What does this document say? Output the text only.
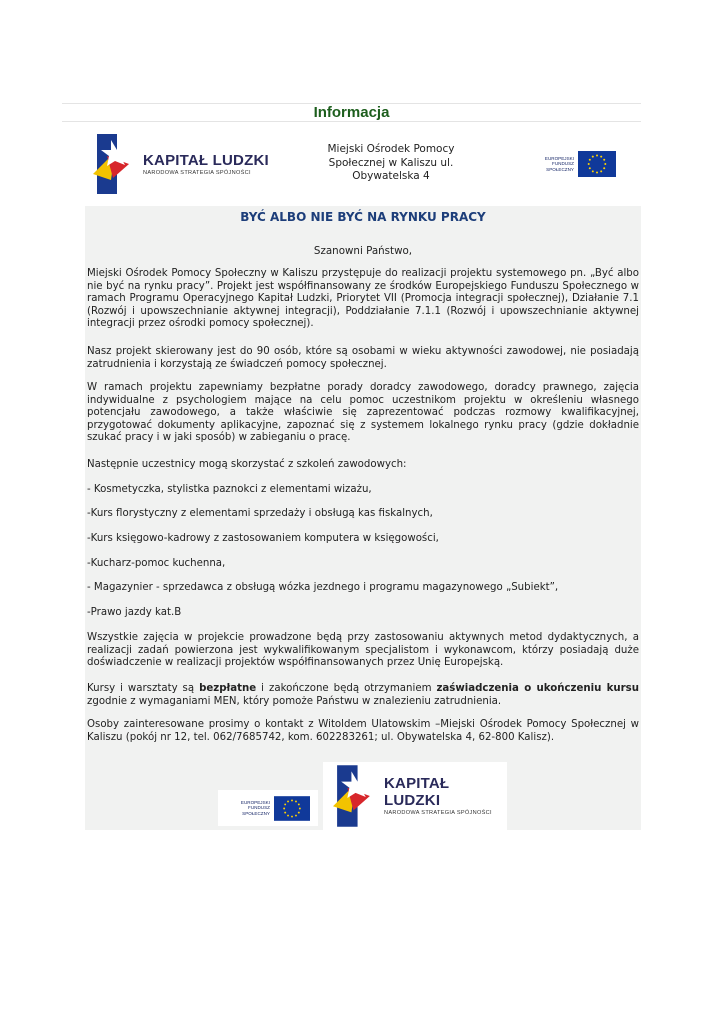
Informacja
KAPITAŁ LUDZKI
NARODOWA STRATEGIA SPÓJNOŚCI
Miejski Ośrodek Pomocy
Społecznej w Kaliszu ul.
Obywatelska 4
EUROPEJSKI
FUNDUSZ SPOŁECZNY
BYĆ ALBO NIE BYĆ NA RYNKU PRACY
Szanowni Państwo,

Miejski Ośrodek Pomocy Społeczny w Kaliszu przystępuje do realizacji projektu systemowego pn. „Być albo nie być na rynku pracy”. Projekt jest współfinansowany ze środków Europejskiego Funduszu Społecznego w ramach Programu Operacyjnego Kapitał Ludzki, Priorytet VII (Promocja integracji społecznej), Działanie 7.1 (Rozwój i upowszechnianie aktywnej integracji), Poddziałanie 7.1.1 (Rozwój i upowszechnianie aktywnej integracji przez ośrodki pomocy społecznej).

Nasz projekt skierowany jest do 90 osób, które są osobami w wieku aktywności zawodowej, nie posiadają zatrudnienia i korzystają ze świadczeń pomocy społecznej.

W ramach projektu zapewniamy bezpłatne porady doradcy zawodowego, doradcy prawnego, zajęcia indywidualne z psychologiem mające na celu pomoc uczestnikom projektu w określeniu własnego potencjału zawodowego, a także właściwie się zaprezentować podczas rozmowy kwalifikacyjnej, przygotować dokumenty aplikacyjne, zapoznać się z systemem lokalnego rynku pracy (gdzie dokładnie szukać pracy i w jaki sposób) w zabieganiu o pracę.

Następnie uczestnicy mogą skorzystać z szkoleń zawodowych:

- Kosmetyczka, stylistka paznokci z elementami wizażu,

-Kurs florystyczny z elementami sprzedaży i obsługą kas fiskalnych,

-Kurs księgowo-kadrowy z zastosowaniem komputera w księgowości,

-Kucharz-pomoc kuchenna,

- Magazynier - sprzedawca z obsługą wózka jezdnego i programu magazynowego „Subiekt”,

-Prawo jazdy kat.B

Wszystkie zajęcia w projekcie prowadzone będą przy zastosowaniu aktywnych metod dydaktycznych, a realizacji zadań powierzona jest wykwalifikowanym specjalistom i wykonawcom, którzy posiadają duże doświadczenie w realizacji projektów współfinansowanych przez Unię Europejską.

Kursy i warsztaty są bezpłatne i zakończone będą otrzymaniem zaświadczenia o ukończeniu kursu zgodnie z wymaganiami MEN, który pomoże Państwu w znalezieniu zatrudnienia.

Osoby zainteresowane prosimy o kontakt z Witoldem Ulatowskim –Miejski Ośrodek Pomocy Społecznej w Kaliszu (pokój nr 12, tel. 062/7685742, kom. 602283261; ul. Obywatelska 4, 62-800 Kalisz).

EUROPEJSKI
FUNDUSZ SPOŁECZNY
KAPITAŁ LUDZKI
NARODOWA STRATEGIA SPÓJNOŚCI
